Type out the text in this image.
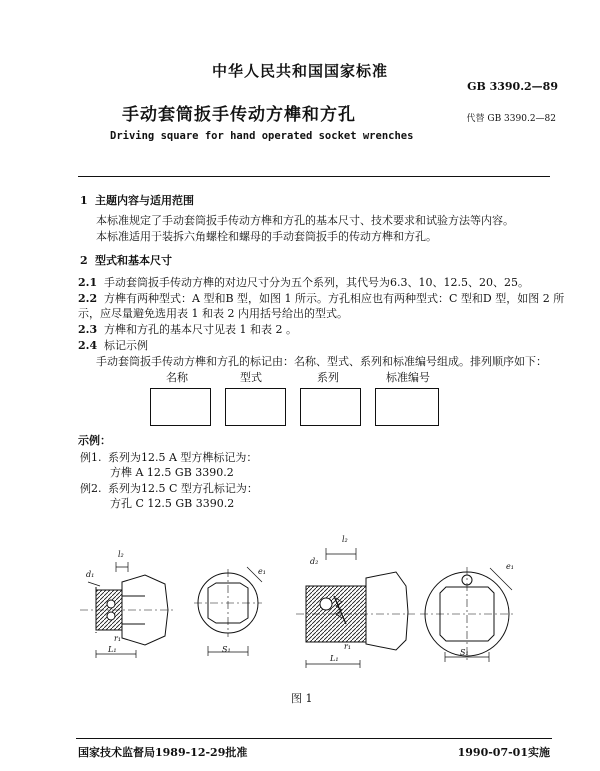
中华人民共和国国家标准
GB 3390.2—89
手动套筒扳手传动方榫和方孔	代替 GB 3390.2—82
Driving square for hand operated socket wrenches
1 主题内容与适用范围
本标准规定了手动套筒扳手传动方榫和方孔的基本尺寸、技术要求和试验方法等内容。
本标准适用于装拆六角螺栓和螺母的手动套筒扳手的传动方榫和方孔。
2 型式和基本尺寸
2.1 手动套筒扳手传动方榫的对边尺寸分为五个系列，其代号为6.3、10、12.5、20、25。
2.2 方榫有两种型式：A 型和B 型，如图 1 所示。方孔相应也有两种型式：C 型和D 型，如图 2 所
示，应尽量避免选用表 1 和表 2 内用括号给出的型式。
2.3 方榫和方孔的基本尺寸见表 1 和表 2 。
2.4 标记示例
手动套筒扳手传动方榫和方孔的标记由：名称、型式、系列和标准编号组成。排列顺序如下：
名称	型式	系列	标准编号
示例：
例1. 系列为12.5 A 型方榫标记为：
方榫 A 12.5 GB 3390.2
例2. 系列为12.5 C 型方孔标记为：
方孔 C 12.5 GB 3390.2
l₂
d₁
r₁
L₁
e₁
S₁
l₂
d₂
r₁
L₁
e₁
S₁
图 1
国家技术监督局1989-12-29批准	1990-07-01实施
